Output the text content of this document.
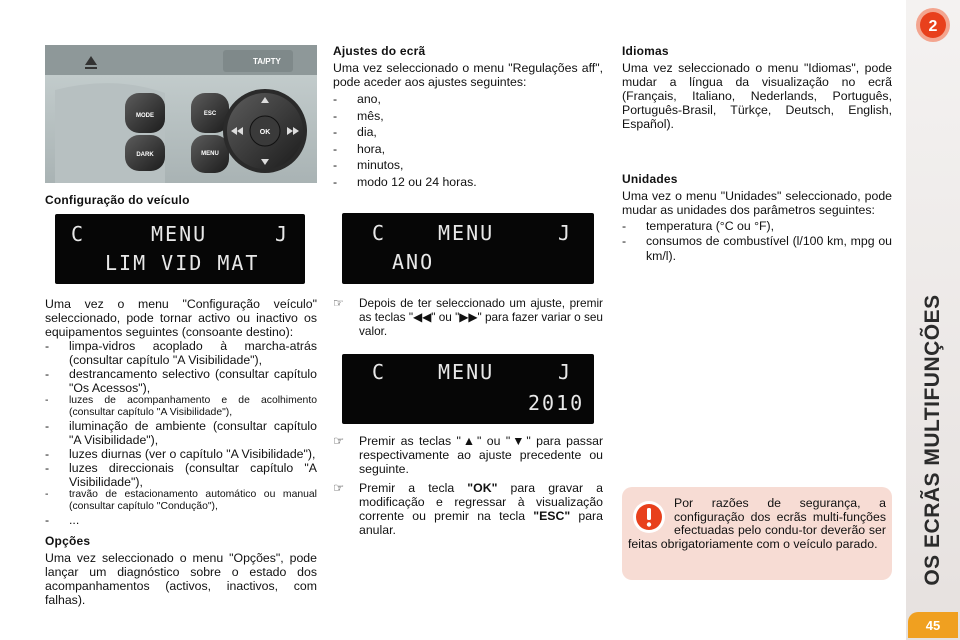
2
OS ECRÃS MULTIFUNÇÕES
45
TA/PTY
MODE
DARK
ESC
MENU
OK
Configuração do veículo
C	MENU	J
LIM VID MAT

Uma vez o menu "Configuração veículo" seleccionado, pode tornar activo ou inactivo os equipamentos seguintes (consoante destino):

- limpa-vidros acoplado à marcha-atrás (consultar capítulo "A Visibilidade"),
- destrancamento selectivo (consultar capítulo "Os Acessos"),
- luzes de acompanhamento e de acolhimento (consultar capítulo "A Visibilidade"),
- iluminação de ambiente (consultar capítulo "A Visibilidade"),
- luzes diurnas (ver o capítulo "A Visibilidade"),
- luzes direccionais (consultar capítulo "A Visibilidade"),
- travão de estacionamento automático ou manual (consultar capítulo "Condução"),
- ...
Opções

Uma vez seleccionado o menu "Opções", pode lançar um diagnóstico sobre o estado dos acompanhamentos (activos, inactivos, com falhas).

Ajustes do ecrã

Uma vez seleccionado o menu "Regulações aff", pode aceder aos ajustes seguintes:

- ano,
- mês,
- dia,
- hora,
- minutos,
- modo 12 ou 24 horas.
C	MENU	J
ANO
☞ Depois de ter seleccionado um ajuste, premir as teclas "◀◀" ou "▶▶" para fazer variar o seu valor.
C	MENU	J
2010
☞ Premir as teclas "▲" ou "▼" para passar respectivamente ao ajuste precedente ou seguinte.
☞ Premir a tecla "OK" para gravar a modificação e regressar à visualização corrente ou premir na tecla "ESC" para anular.
Idiomas

Uma vez seleccionado o menu "Idiomas", pode mudar a língua da visualização no ecrã (Français, Italiano, Nederlands, Português, Português-Brasil, Türkçe, Deutsch, English, Español).

Unidades

Uma vez o menu "Unidades" seleccionado, pode mudar as unidades dos parâmetros seguintes:

- temperatura (°C ou °F),
- consumos de combustível (l/100 km, mpg ou km/l).
Por razões de segurança, a configuração dos ecrãs multi-funções efectuadas pelo condu-tor deverão ser feitas obrigatoriamente com o veículo parado.
